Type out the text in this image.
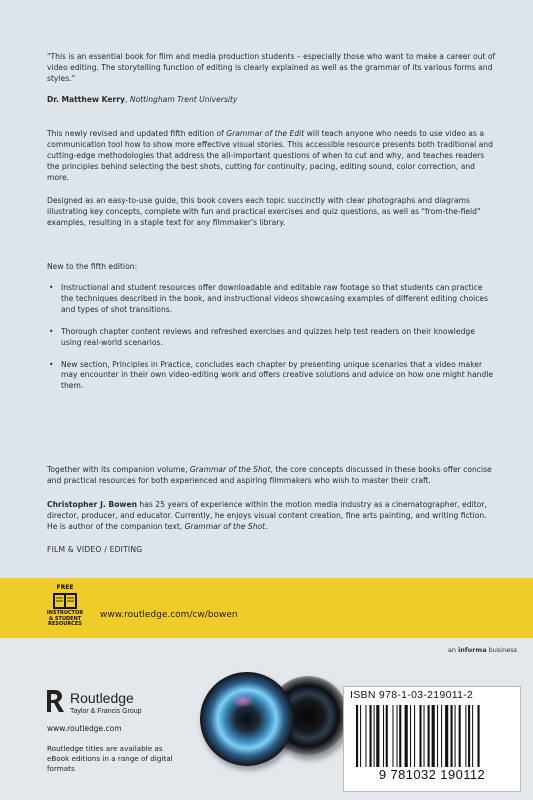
"This is an essential book for film and media production students – especially those who want to make a career out of video editing. The storytelling function of editing is clearly explained as well as the grammar of its various forms and styles."
Dr. Matthew Kerry, Nottingham Trent University
This newly revised and updated fifth edition of Grammar of the Edit will teach anyone who needs to use video as a communication tool how to show more effective visual stories. This accessible resource presents both traditional and cutting-edge methodologies that address the all-important questions of when to cut and why, and teaches readers the principles behind selecting the best shots, cutting for continuity, pacing, editing sound, color correction, and more.
Designed as an easy-to-use guide, this book covers each topic succinctly with clear photographs and diagrams illustrating key concepts, complete with fun and practical exercises and quiz questions, as well as "from-the-field" examples, resulting in a staple text for any filmmaker's library.
New to the fifth edition:
• Instructional and student resources offer downloadable and editable raw footage so that students can practice the techniques described in the book, and instructional videos showcasing examples of different editing choices and types of shot transitions.
• Thorough chapter content reviews and refreshed exercises and quizzes help test readers on their knowledge using real-world scenarios.
• New section, Principles in Practice, concludes each chapter by presenting unique scenarios that a video maker may encounter in their own video-editing work and offers creative solutions and advice on how one might handle them.
Together with its companion volume, Grammar of the Shot, the core concepts discussed in these books offer concise and practical resources for both experienced and aspiring filmmakers who wish to master their craft.
Christopher J. Bowen has 25 years of experience within the motion media industry as a cinematographer, editor, director, producer, and educator. Currently, he enjoys visual content creation, fine arts painting, and writing fiction. He is author of the companion text, Grammar of the Shot.
FILM & VIDEO / EDITING
FREE
INSTRUCTOR & STUDENT RESOURCES
www.routledge.com/cw/bowen
an informa business
Routledge
Taylor & Francis Group
www.routledge.com
Routledge titles are available as eBook editions in a range of digital formats
ISBN 978-1-03-219011-2
9 781032 190112
